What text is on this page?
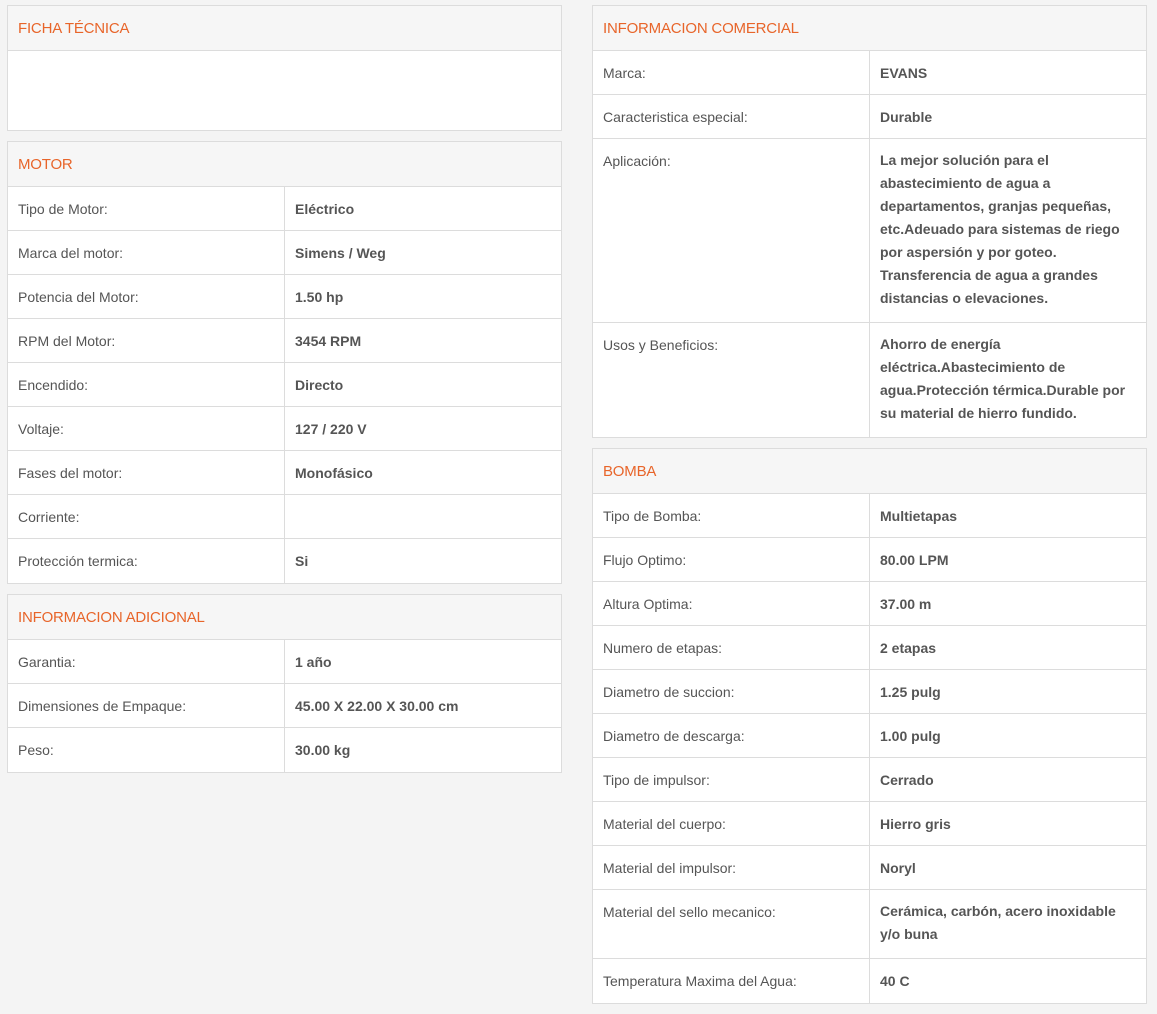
FICHA TÉCNICA
MOTOR
Tipo de Motor:	Eléctrico
Marca del motor:	Simens / Weg
Potencia del Motor:	1.50 hp
RPM del Motor:	3454 RPM
Encendido:	Directo
Voltaje:	127 / 220 V
Fases del motor:	Monofásico
Corriente:
Protección termica:	Si
INFORMACION ADICIONAL
Garantia:	1 año
Dimensiones de Empaque:	45.00 X 22.00 X 30.00 cm
Peso:	30.00 kg
INFORMACION COMERCIAL
Marca:	EVANS
Caracteristica especial:	Durable
Aplicación:	La mejor solución para el abastecimiento de agua a departamentos, granjas pequeñas, etc.Adeuado para sistemas de riego por aspersión y por goteo. Transferencia de agua a grandes distancias o elevaciones.
Usos y Beneficios:	Ahorro de energía eléctrica.Abastecimiento de agua.Protección térmica.Durable por su material de hierro fundido.
BOMBA
Tipo de Bomba:	Multietapas
Flujo Optimo:	80.00 LPM
Altura Optima:	37.00 m
Numero de etapas:	2 etapas
Diametro de succion:	1.25 pulg
Diametro de descarga:	1.00 pulg
Tipo de impulsor:	Cerrado
Material del cuerpo:	Hierro gris
Material del impulsor:	Noryl
Material del sello mecanico:	Cerámica, carbón, acero inoxidable y/o buna
Temperatura Maxima del Agua:	40 C
